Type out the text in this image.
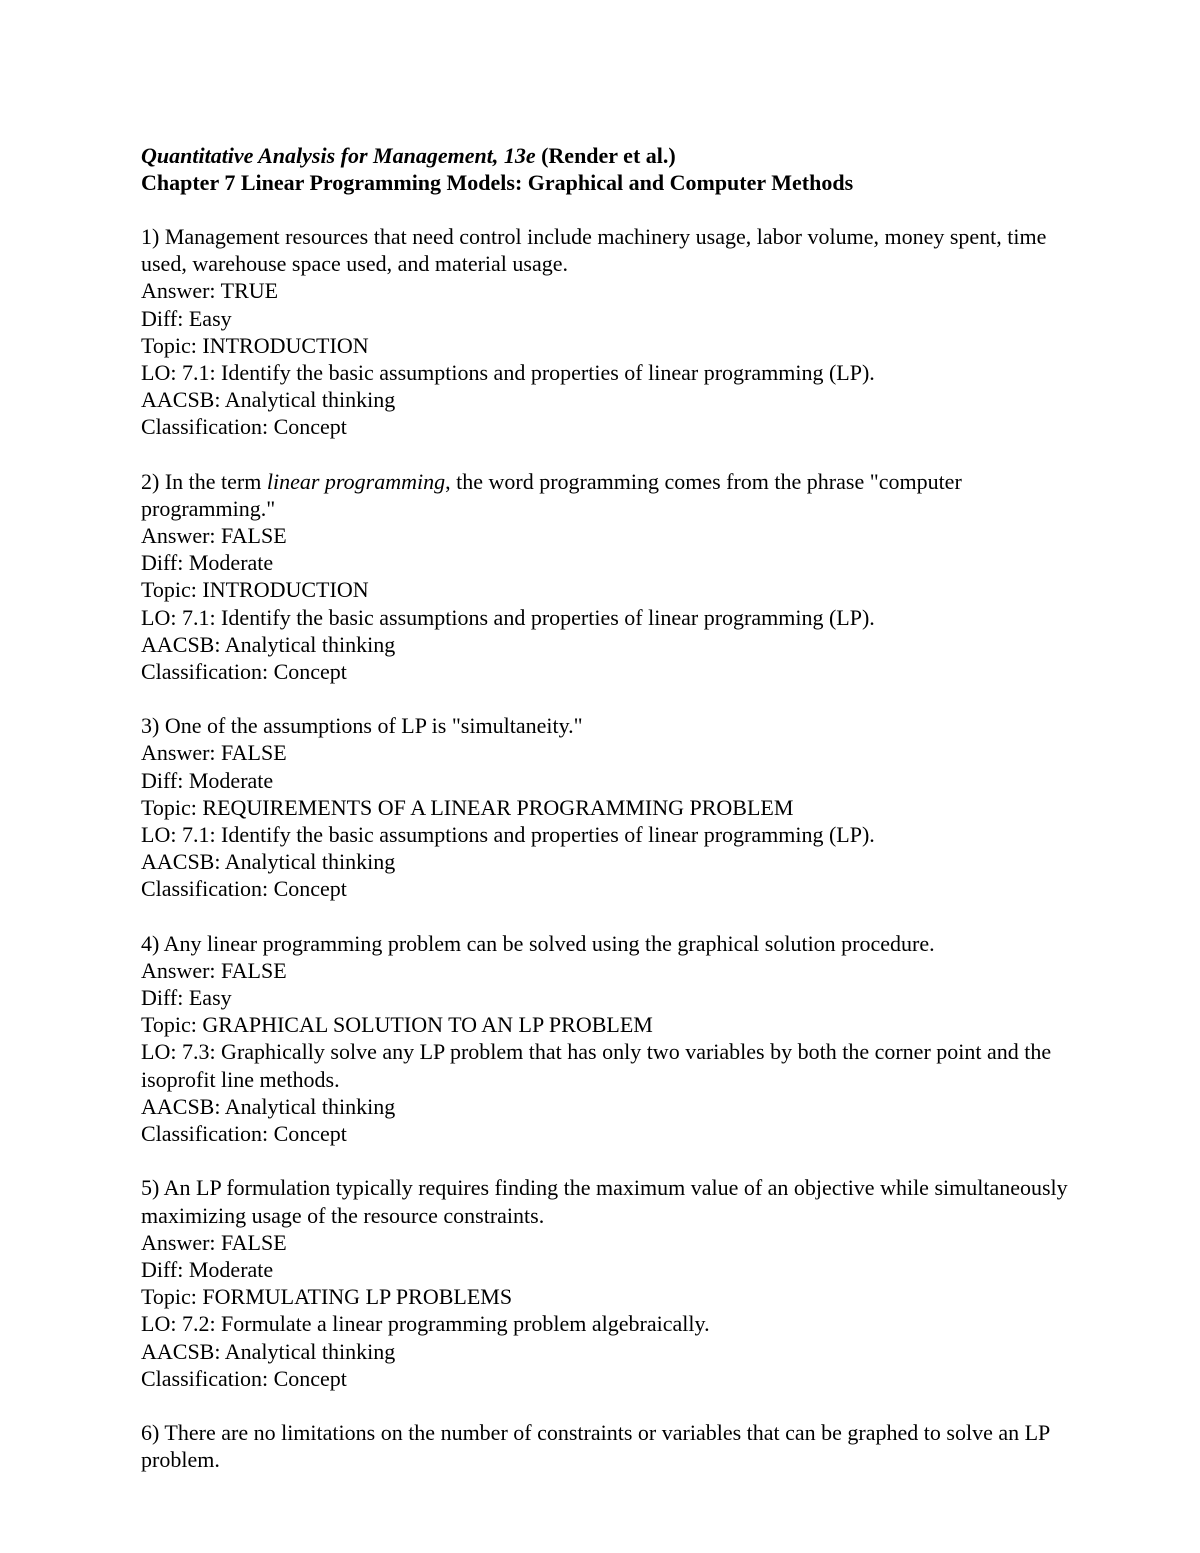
Quantitative Analysis for Management, 13e (Render et al.)
Chapter 7 Linear Programming Models: Graphical and Computer Methods
1) Management resources that need control include machinery usage, labor volume, money spent, time used, warehouse space used, and material usage.
Answer: TRUE
Diff: Easy
Topic: INTRODUCTION
LO: 7.1: Identify the basic assumptions and properties of linear programming (LP).
AACSB: Analytical thinking
Classification: Concept
2) In the term linear programming, the word programming comes from the phrase "computer programming."
Answer: FALSE
Diff: Moderate
Topic: INTRODUCTION
LO: 7.1: Identify the basic assumptions and properties of linear programming (LP).
AACSB: Analytical thinking
Classification: Concept
3) One of the assumptions of LP is "simultaneity."
Answer: FALSE
Diff: Moderate
Topic: REQUIREMENTS OF A LINEAR PROGRAMMING PROBLEM
LO: 7.1: Identify the basic assumptions and properties of linear programming (LP).
AACSB: Analytical thinking
Classification: Concept
4) Any linear programming problem can be solved using the graphical solution procedure.
Answer: FALSE
Diff: Easy
Topic: GRAPHICAL SOLUTION TO AN LP PROBLEM
LO: 7.3: Graphically solve any LP problem that has only two variables by both the corner point and the isoprofit line methods.
AACSB: Analytical thinking
Classification: Concept
5) An LP formulation typically requires finding the maximum value of an objective while simultaneously maximizing usage of the resource constraints.
Answer: FALSE
Diff: Moderate
Topic: FORMULATING LP PROBLEMS
LO: 7.2: Formulate a linear programming problem algebraically.
AACSB: Analytical thinking
Classification: Concept
6) There are no limitations on the number of constraints or variables that can be graphed to solve an LP problem.
